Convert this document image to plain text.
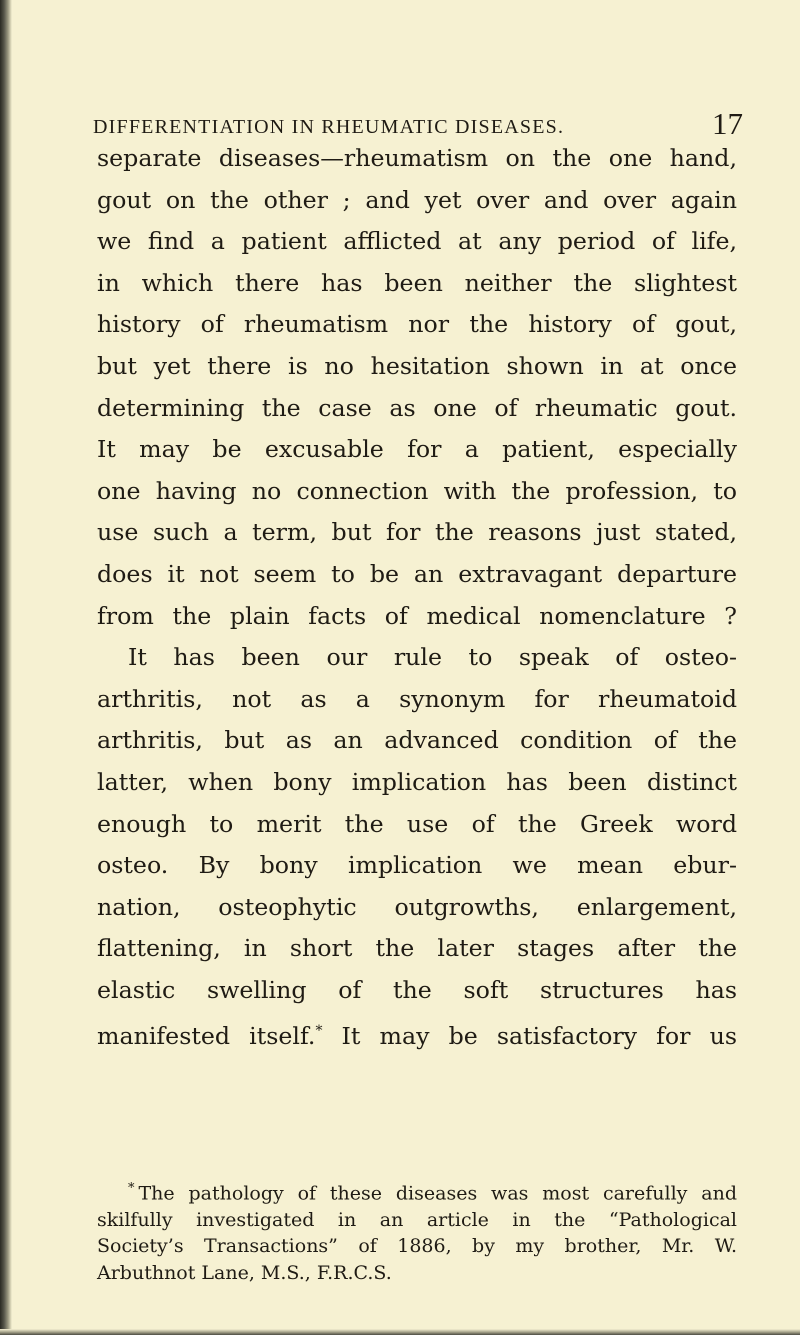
DIFFERENTIATION IN RHEUMATIC DISEASES.	17
separate diseases—rheumatism on the one hand,
gout on the other ; and yet over and over again
we find a patient afflicted at any period of life,
in which there has been neither the slightest
history of rheumatism nor the history of gout,
but yet there is no hesitation shown in at once
determining the case as one of rheumatic gout.
It may be excusable for a patient, especially
one having no connection with the profession, to
use such a term, but for the reasons just stated,
does it not seem to be an extravagant departure
from the plain facts of medical nomenclature ?
It has been our rule to speak of osteo-
arthritis, not as a synonym for rheumatoid
arthritis, but as an advanced condition of the
latter, when bony implication has been distinct
enough to merit the use of the Greek word
osteo. By bony implication we mean ebur-
nation, osteophytic outgrowths, enlargement,
flattening, in short the later stages after the
elastic swelling of the soft structures has
manifested itself.* It may be satisfactory for us
* The pathology of these diseases was most carefully and
skilfully investigated in an article in the “Pathological
Society’s Transactions” of 1886, by my brother, Mr. W.
Arbuthnot Lane, M.S., F.R.C.S.
